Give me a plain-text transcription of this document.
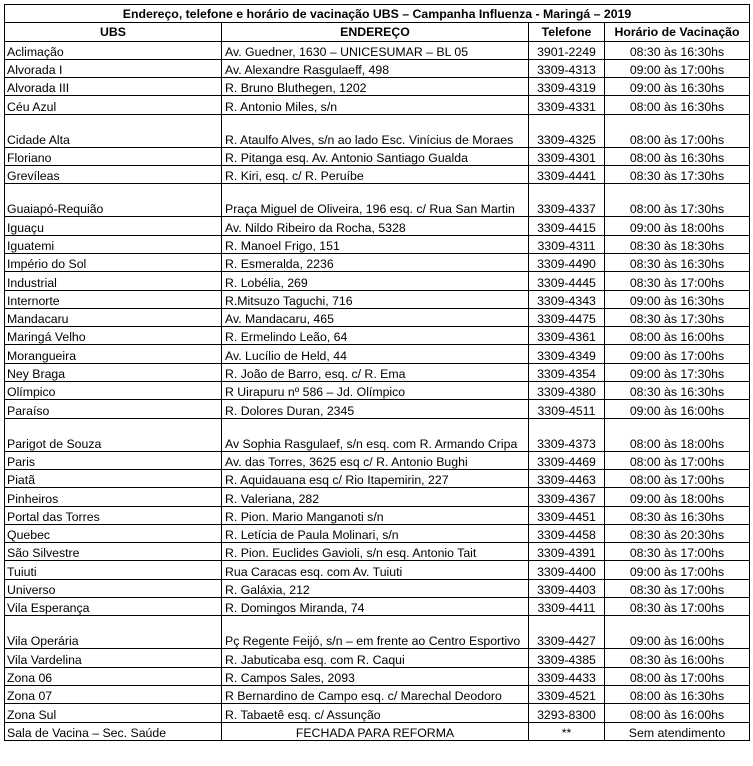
Endereço, telefone e horário de vacinação UBS – Campanha Influenza - Maringá – 2019			
UBS	ENDEREÇO	Telefone	Horário de Vacinação
Aclimação	Av. Guedner, 1630 – UNICESUMAR – BL 05	3901-2249	08:30 às 16:30hs
Alvorada I	Av. Alexandre Rasgulaeff, 498	3309-4313	09:00 às 17:00hs
Alvorada III	R. Bruno Bluthegen, 1202	3309-4319	09:00 às 16:30hs
Céu Azul	R. Antonio Miles, s/n	3309-4331	08:00 às 16:30hs
Cidade Alta	R. Ataulfo Alves, s/n ao lado Esc. Vinícius de Moraes	3309-4325	08:00 às 17:00hs
Floriano	R. Pitanga esq. Av. Antonio Santiago Gualda	3309-4301	08:00 às 16:30hs
Grevíleas	R. Kiri, esq. c/ R. Peruíbe	3309-4441	08:30 às 17:30hs
Guaiapó-Requião	Praça Miguel de Oliveira, 196 esq. c/ Rua San Martin	3309-4337	08:00 às 17:30hs
Iguaçu	Av. Nildo Ribeiro da Rocha, 5328	3309-4415	09:00 às 18:00hs
Iguatemi	R. Manoel Frigo, 151	3309-4311	08:30 às 18:30hs
Império do Sol	R. Esmeralda, 2236	3309-4490	08:30 às 16:30hs
Industrial	R. Lobélia, 269	3309-4445	08:30 às 17:00hs
Internorte	R.Mitsuzo Taguchi, 716	3309-4343	09:00 às 16:30hs
Mandacaru	Av. Mandacaru, 465	3309-4475	08:30 às 17:30hs
Maringá Velho	R. Ermelindo Leão, 64	3309-4361	08:00 às 16:00hs
Morangueira	Av. Lucílio de Held, 44	3309-4349	09:00 às 17:00hs
Ney Braga	R. João de Barro, esq. c/ R. Ema	3309-4354	09:00 às 17:30hs
Olímpico	R Uirapuru nº 586 – Jd. Olímpico	3309-4380	08:30 às 16:30hs
Paraíso	R. Dolores Duran, 2345	3309-4511	09:00 às 16:00hs
Parigot de Souza	Av Sophia Rasgulaef, s/n esq. com R. Armando Cripa	3309-4373	08:00 às 18:00hs
Paris	Av. das Torres, 3625 esq c/ R. Antonio Bughi	3309-4469	08:00 às 17:00hs
Piatã	R. Aquidauana esq c/ Rio Itapemirin, 227	3309-4463	08:00 às 17:00hs
Pinheiros	R. Valeriana, 282	3309-4367	09:00 às 18:00hs
Portal das Torres	R. Pion. Mario Manganoti s/n	3309-4451	08:30 às 16:30hs
Quebec	R. Letícia de Paula Molinari, s/n	3309-4458	08:30 às 20:30hs
São Silvestre	R. Pion. Euclides Gavioli, s/n esq. Antonio Tait	3309-4391	08:30 às 17:00hs
Tuiuti	Rua Caracas esq. com Av. Tuiuti	3309-4400	09:00 às 17:00hs
Universo	R. Galáxia, 212	3309-4403	08:30 às 17:00hs
Vila Esperança	R. Domingos Miranda, 74	3309-4411	08:30 às 17:00hs
Vila Operária	Pç Regente Feijó, s/n – em frente ao Centro Esportivo	3309-4427	09:00 às 16:00hs
Vila Vardelina	R. Jabuticaba esq. com R. Caqui	3309-4385	08:30 às 16:00hs
Zona 06	R. Campos Sales, 2093	3309-4433	08:00 às 17:00hs
Zona 07	R Bernardino de Campo esq. c/ Marechal Deodoro	3309-4521	08:00 às 16:30hs
Zona Sul	R. Tabaetê esq. c/ Assunção	3293-8300	08:00 às 16:00hs
Sala de Vacina – Sec. Saúde	FECHADA PARA REFORMA	**	Sem atendimento
